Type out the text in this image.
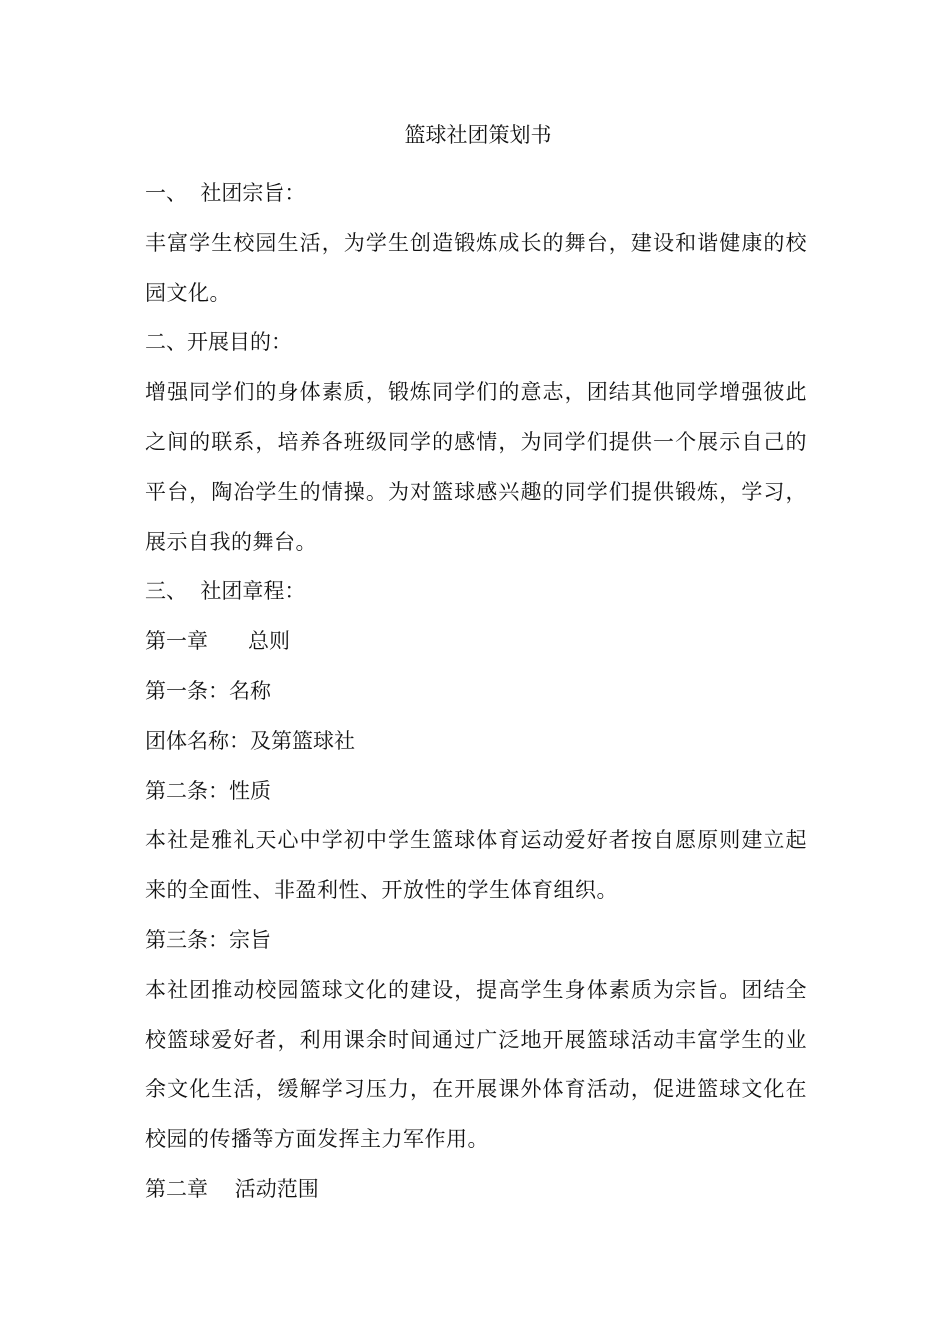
篮球社团策划书
一、  社团宗旨：
丰富学生校园生活，为学生创造锻炼成长的舞台，建设和谐健康的校园文化。
二、开展目的：
增强同学们的身体素质，锻炼同学们的意志，团结其他同学增强彼此之间的联系，培养各班级同学的感情，为同学们提供一个展示自己的平台，陶冶学生的情操。为对篮球感兴趣的同学们提供锻炼，学习，展示自我的舞台。
三、  社团章程：
第一章      总则
第一条：名称
团体名称：及第篮球社
第二条：性质
本社是雅礼天心中学初中学生篮球体育运动爱好者按自愿原则建立起来的全面性、非盈利性、开放性的学生体育组织。
第三条：宗旨
本社团推动校园篮球文化的建设，提高学生身体素质为宗旨。团结全校篮球爱好者，利用课余时间通过广泛地开展篮球活动丰富学生的业余文化生活，缓解学习压力，在开展课外体育活动，促进篮球文化在校园的传播等方面发挥主力军作用。
第二章    活动范围
